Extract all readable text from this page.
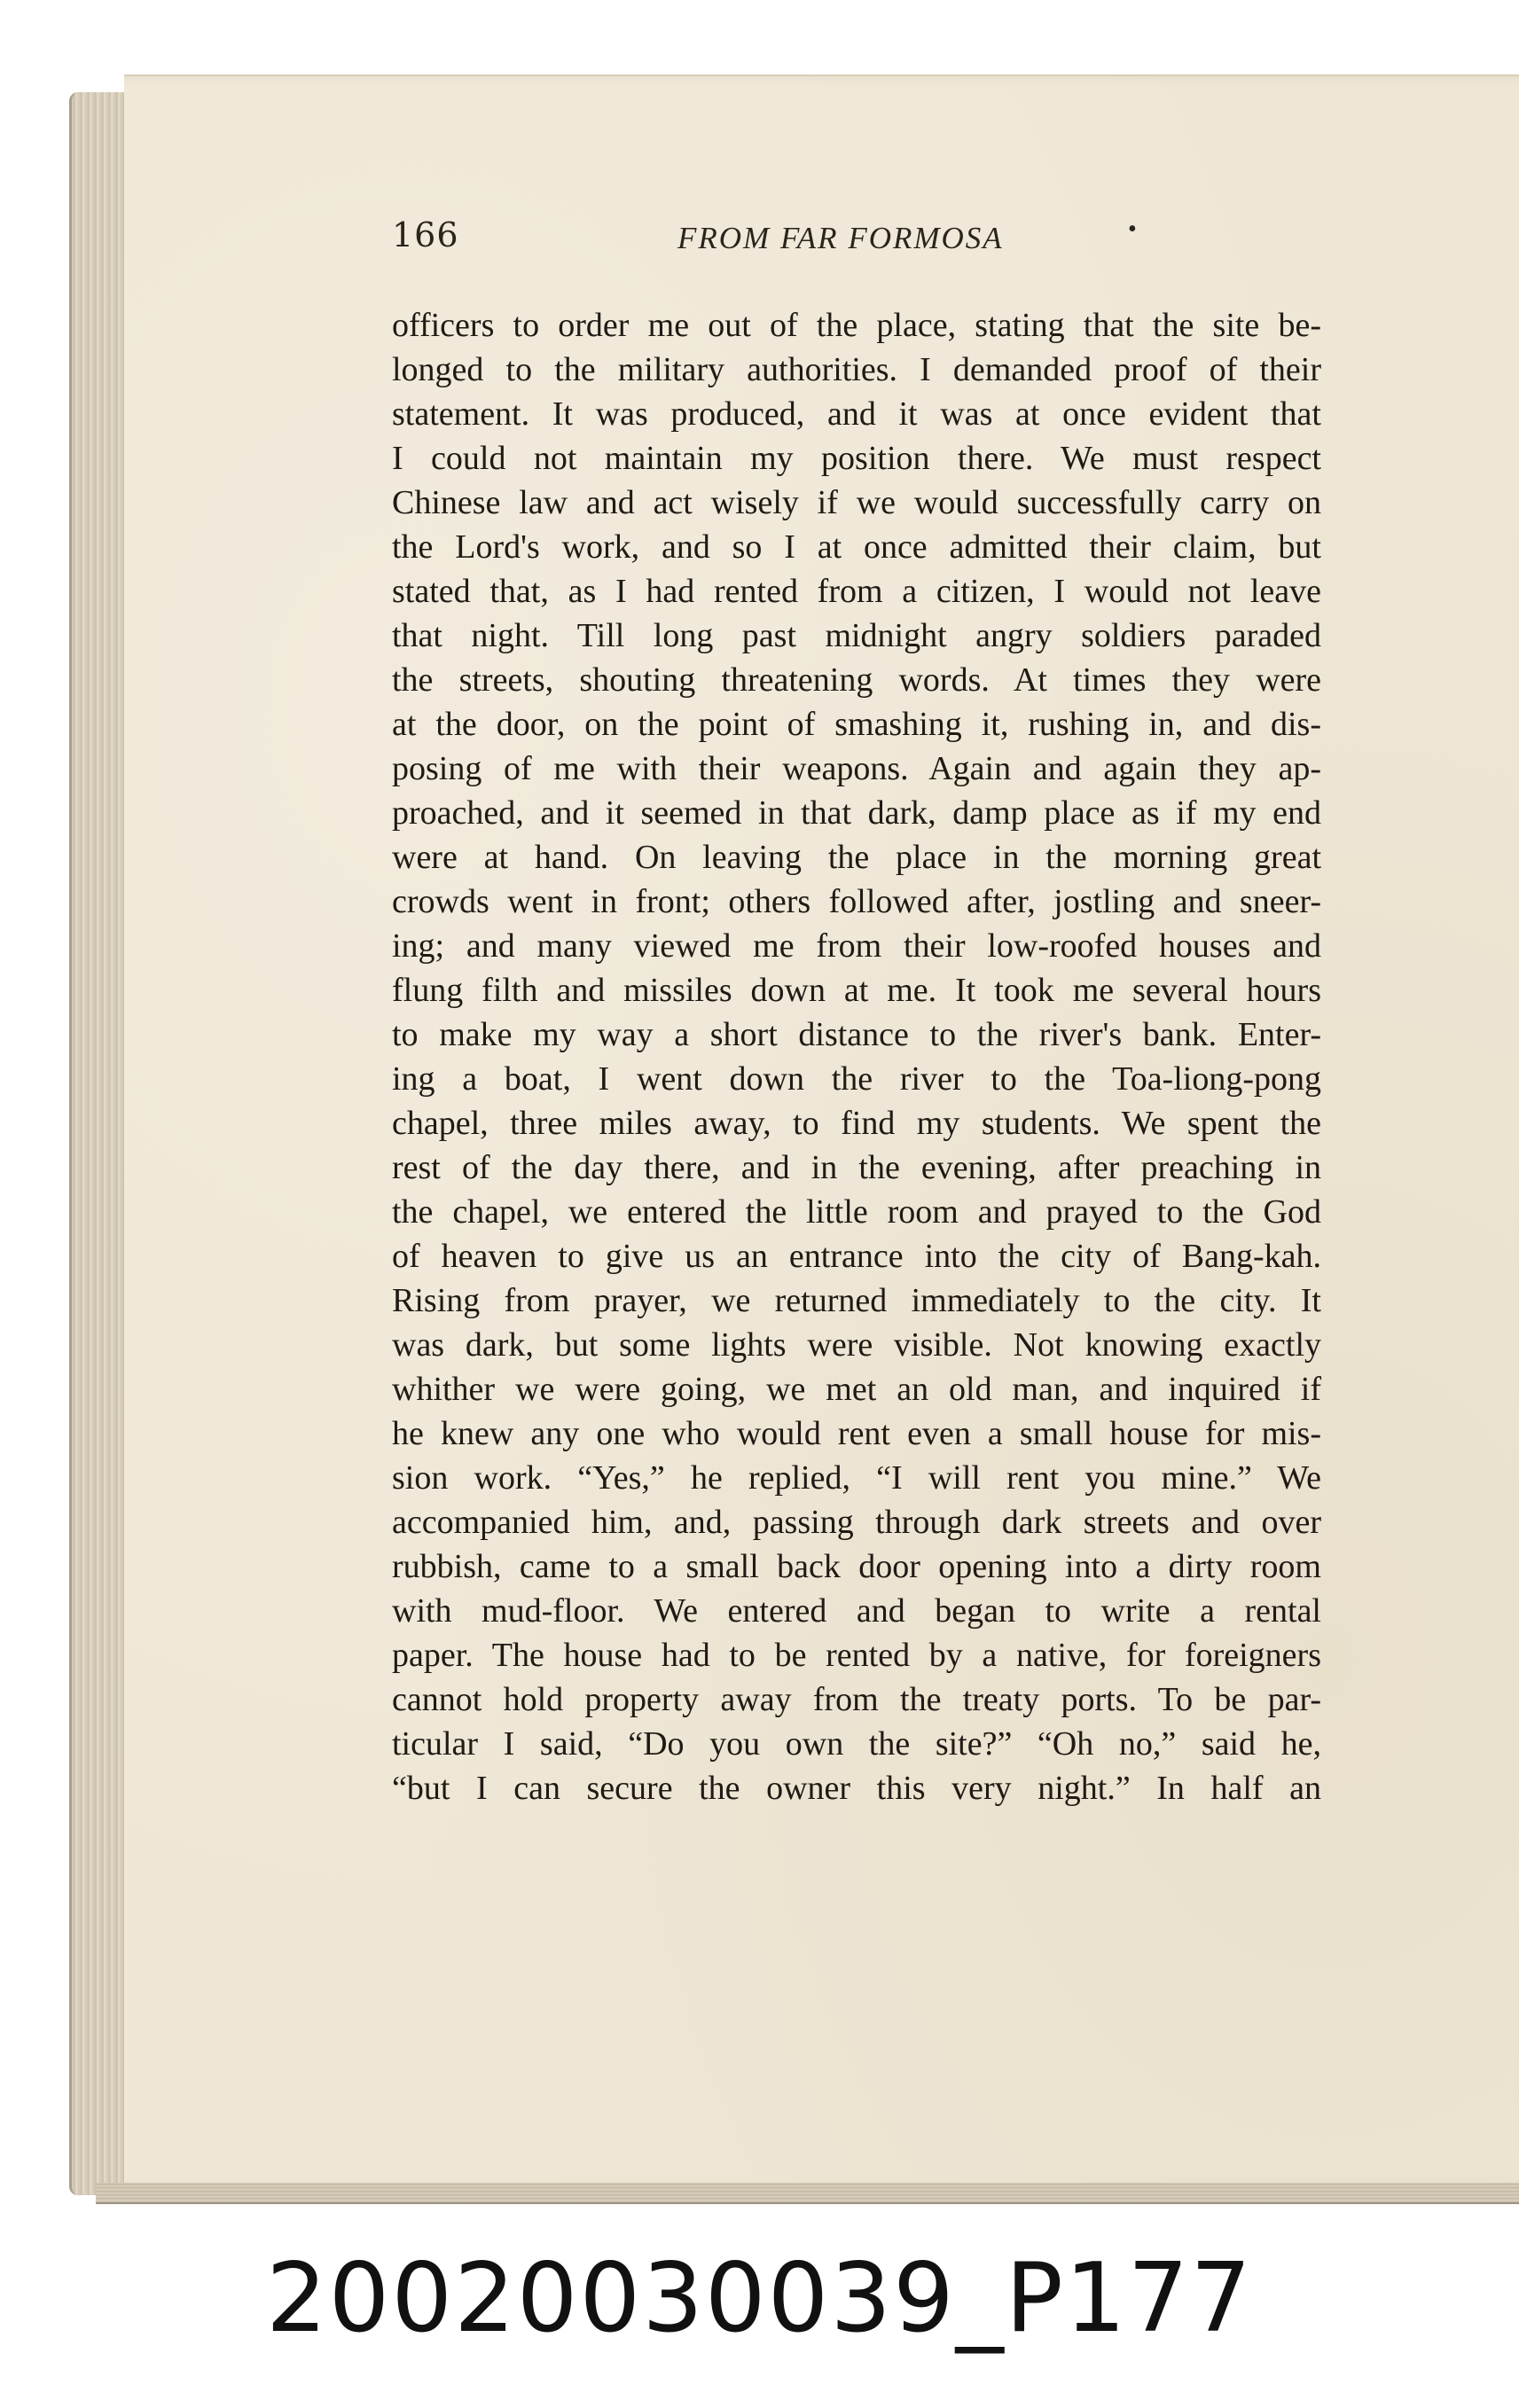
166	FROM FAR FORMOSA	•
officers to order me out of the place, stating that the site be-
longed to the military authorities. I demanded proof of their
statement. It was produced, and it was at once evident that
I could not maintain my position there. We must respect
Chinese law and act wisely if we would successfully carry on
the Lord's work, and so I at once admitted their claim, but
stated that, as I had rented from a citizen, I would not leave
that night. Till long past midnight angry soldiers paraded
the streets, shouting threatening words. At times they were
at the door, on the point of smashing it, rushing in, and dis-
posing of me with their weapons. Again and again they ap-
proached, and it seemed in that dark, damp place as if my end
were at hand. On leaving the place in the morning great
crowds went in front; others followed after, jostling and sneer-
ing; and many viewed me from their low-roofed houses and
flung filth and missiles down at me. It took me several hours
to make my way a short distance to the river's bank. Enter-
ing a boat, I went down the river to the Toa-liong-pong
chapel, three miles away, to find my students. We spent the
rest of the day there, and in the evening, after preaching in
the chapel, we entered the little room and prayed to the God
of heaven to give us an entrance into the city of Bang-kah.
Rising from prayer, we returned immediately to the city. It
was dark, but some lights were visible. Not knowing exactly
whither we were going, we met an old man, and inquired if
he knew any one who would rent even a small house for mis-
sion work. “Yes,” he replied, “I will rent you mine.” We
accompanied him, and, passing through dark streets and over
rubbish, came to a small back door opening into a dirty room
with mud-floor. We entered and began to write a rental
paper. The house had to be rented by a native, for foreigners
cannot hold property away from the treaty ports. To be par-
ticular I said, “Do you own the site?” “Oh no,” said he,
“but I can secure the owner this very night.” In half an
20020030039_P177
